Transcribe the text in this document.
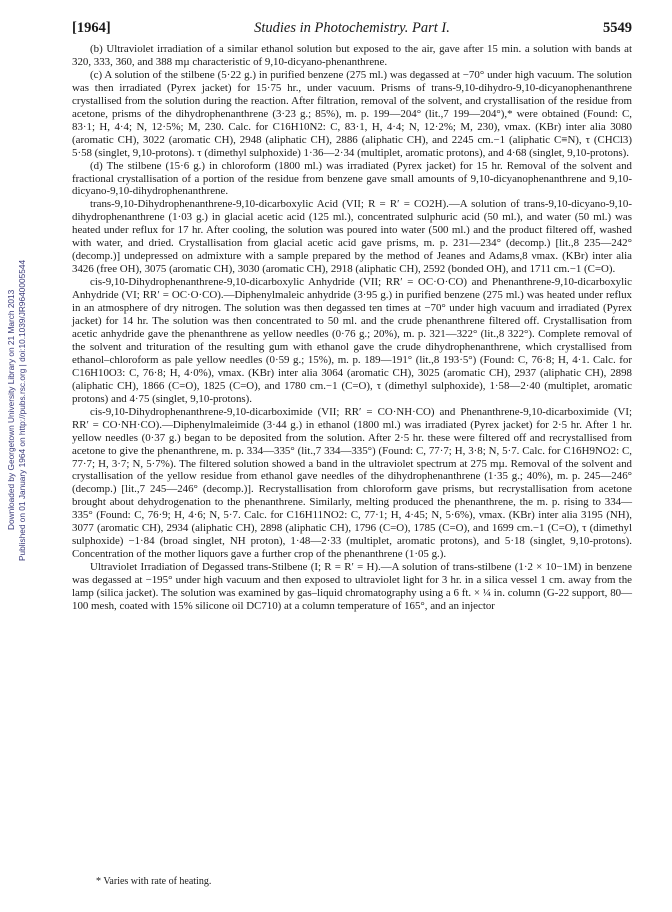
[1964]	Studies in Photochemistry. Part I.	5549
Downloaded by Georgetown University Library on 21 March 2013 Published on 01 January 1964 on http://pubs.rsc.org | doi:10.1039/JR9640005544

(b) Ultraviolet irradiation of a similar ethanol solution but exposed to the air, gave after 15 min. a solution with bands at 320, 333, 360, and 388 mµ characteristic of 9,10-dicyano-phenanthrene.

(c) A solution of the stilbene (5·22 g.) in purified benzene (275 ml.) was degassed at −70° under high vacuum. The solution was then irradiated (Pyrex jacket) for 15·75 hr., under vacuum. Prisms of trans-9,10-dihydro-9,10-dicyanophenanthrene crystallised from the solution during the reaction. After filtration, removal of the solvent, and crystallisation of the residue from acetone, prisms of the dihydrophenanthrene (3·23 g.; 85%), m. p. 199—204° (lit.,7 199—204°),* were obtained (Found: C, 83·1; H, 4·4; N, 12·5%; M, 230. Calc. for C16H10N2: C, 83·1, H, 4·4; N, 12·2%; M, 230), νmax. (KBr) inter alia 3080 (aromatic CH), 3022 (aromatic CH), 2948 (aliphatic CH), 2886 (aliphatic CH), and 2245 cm.−1 (aliphatic C≡N), τ (CHCl3) 5·58 (singlet, 9,10-protons). τ (dimethyl sulphoxide) 1·36—2·34 (multiplet, aromatic protons), and 4·68 (singlet, 9,10-protons).

(d) The stilbene (15·6 g.) in chloroform (1800 ml.) was irradiated (Pyrex jacket) for 15 hr. Removal of the solvent and fractional crystallisation of a portion of the residue from benzene gave small amounts of 9,10-dicyanophenanthrene and 9,10-dicyano-9,10-dihydrophenanthrene.

trans-9,10-Dihydrophenanthrene-9,10-dicarboxylic Acid (VII; R = R′ = CO2H).—A solution of trans-9,10-dicyano-9,10-dihydrophenanthrene (1·03 g.) in glacial acetic acid (125 ml.), concentrated sulphuric acid (50 ml.), and water (50 ml.) was heated under reflux for 17 hr. After cooling, the solution was poured into water (500 ml.) and the product filtered off, washed with water, and dried. Crystallisation from glacial acetic acid gave prisms, m. p. 231—234° (decomp.) [lit.,8 235—242° (decomp.)] undepressed on admixture with a sample prepared by the method of Jeanes and Adams,8 νmax. (KBr) inter alia 3426 (free OH), 3075 (aromatic CH), 3030 (aromatic CH), 2918 (aliphatic CH), 2592 (bonded OH), and 1711 cm.−1 (C=O).

cis-9,10-Dihydrophenanthrene-9,10-dicarboxylic Anhydride (VII; RR′ = OC·O·CO) and Phenanthrene-9,10-dicarboxylic Anhydride (VI; RR′ = OC·O·CO).—Diphenylmaleic anhydride (3·95 g.) in purified benzene (275 ml.) was heated under reflux in an atmosphere of dry nitrogen. The solution was then degassed ten times at −70° under high vacuum and irradiated (Pyrex jacket) for 14 hr. The solution was then concentrated to 50 ml. and the crude phenanthrene filtered off. Crystallisation from acetic anhydride gave the phenanthrene as yellow needles (0·76 g.; 20%), m. p. 321—322° (lit.,8 322°). Complete removal of the solvent and trituration of the resulting gum with ethanol gave the crude dihydrophenanthrene, which crystallised from ethanol–chloroform as pale yellow needles (0·59 g.; 15%), m. p. 189—191° (lit.,8 193·5°) (Found: C, 76·8; H, 4·1. Calc. for C16H10O3: C, 76·8; H, 4·0%), νmax. (KBr) inter alia 3064 (aromatic CH), 3025 (aromatic CH), 2937 (aliphatic CH), 2898 (aliphatic CH), 1866 (C=O), 1825 (C=O), and 1780 cm.−1 (C=O), τ (dimethyl sulphoxide), 1·58—2·40 (multiplet, aromatic protons) and 4·75 (singlet, 9,10-protons).

cis-9,10-Dihydrophenanthrene-9,10-dicarboximide (VII; RR′ = CO·NH·CO) and Phenanthrene-9,10-dicarboximide (VI; RR′ = CO·NH·CO).—Diphenylmaleimide (3·44 g.) in ethanol (1800 ml.) was irradiated (Pyrex jacket) for 2·5 hr. After 1 hr. yellow needles (0·37 g.) began to be deposited from the solution. After 2·5 hr. these were filtered off and recrystallised from acetone to give the phenanthrene, m. p. 334—335° (lit.,7 334—335°) (Found: C, 77·7; H, 3·8; N, 5·7. Calc. for C16H9NO2: C, 77·7; H, 3·7; N, 5·7%). The filtered solution showed a band in the ultraviolet spectrum at 275 mµ. Removal of the solvent and crystallisation of the yellow residue from ethanol gave needles of the dihydrophenanthrene (1·35 g.; 40%), m. p. 245—246° (decomp.) [lit.,7 245—246° (decomp.)]. Recrystallisation from chloroform gave prisms, but recrystallisation from acetone brought about dehydrogenation to the phenanthrene. Similarly, melting produced the phenanthrene, the m. p. rising to 334—335° (Found: C, 76·9; H, 4·6; N, 5·7. Calc. for C16H11NO2: C, 77·1; H, 4·45; N, 5·6%), νmax. (KBr) inter alia 3195 (NH), 3077 (aromatic CH), 2934 (aliphatic CH), 2898 (aliphatic CH), 1796 (C=O), 1785 (C=O), and 1699 cm.−1 (C=O), τ (dimethyl sulphoxide) −1·84 (broad singlet, NH proton), 1·48—2·33 (multiplet, aromatic protons), and 5·18 (singlet, 9,10-protons). Concentration of the mother liquors gave a further crop of the phenanthrene (1·05 g.).

Ultraviolet Irradiation of Degassed trans-Stilbene (I; R = R′ = H).—A solution of trans-stilbene (1·2 × 10−1M) in benzene was degassed at −195° under high vacuum and then exposed to ultraviolet light for 3 hr. in a silica vessel 1 cm. away from the lamp (silica jacket). The solution was examined by gas–liquid chromatography using a 6 ft. × ¼ in. column (G-22 support, 80—100 mesh, coated with 15% silicone oil DC710) at a column temperature of 165°, and an injector

* Varies with rate of heating.
